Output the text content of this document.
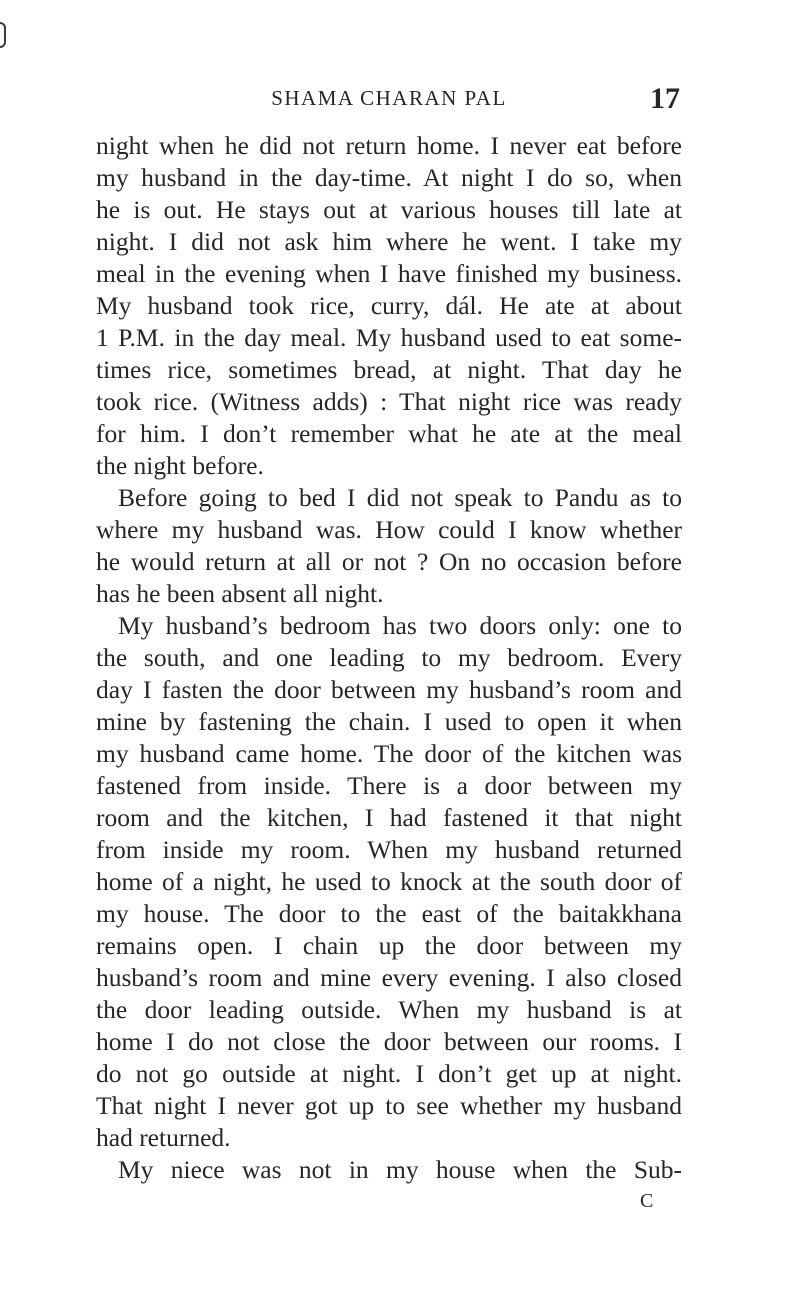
SHAMA CHARAN PAL	17
night when he did not return home. I never eat before
my husband in the day-time. At night I do so, when
he is out. He stays out at various houses till late at
night. I did not ask him where he went. I take my
meal in the evening when I have finished my business.
My husband took rice, curry, dál. He ate at about
1 P.M. in the day meal. My husband used to eat some-
times rice, sometimes bread, at night. That day he
took rice. (Witness adds) : That night rice was ready
for him. I don’t remember what he ate at the meal
the night before.
Before going to bed I did not speak to Pandu as to
where my husband was. How could I know whether
he would return at all or not ? On no occasion before
has he been absent all night.
My husband’s bedroom has two doors only: one to
the south, and one leading to my bedroom. Every
day I fasten the door between my husband’s room and
mine by fastening the chain. I used to open it when
my husband came home. The door of the kitchen was
fastened from inside. There is a door between my
room and the kitchen, I had fastened it that night
from inside my room. When my husband returned
home of a night, he used to knock at the south door of
my house. The door to the east of the baitakkhana
remains open. I chain up the door between my
husband’s room and mine every evening. I also closed
the door leading outside. When my husband is at
home I do not close the door between our rooms. I
do not go outside at night. I don’t get up at night.
That night I never got up to see whether my husband
had returned.
My niece was not in my house when the Sub-
C
